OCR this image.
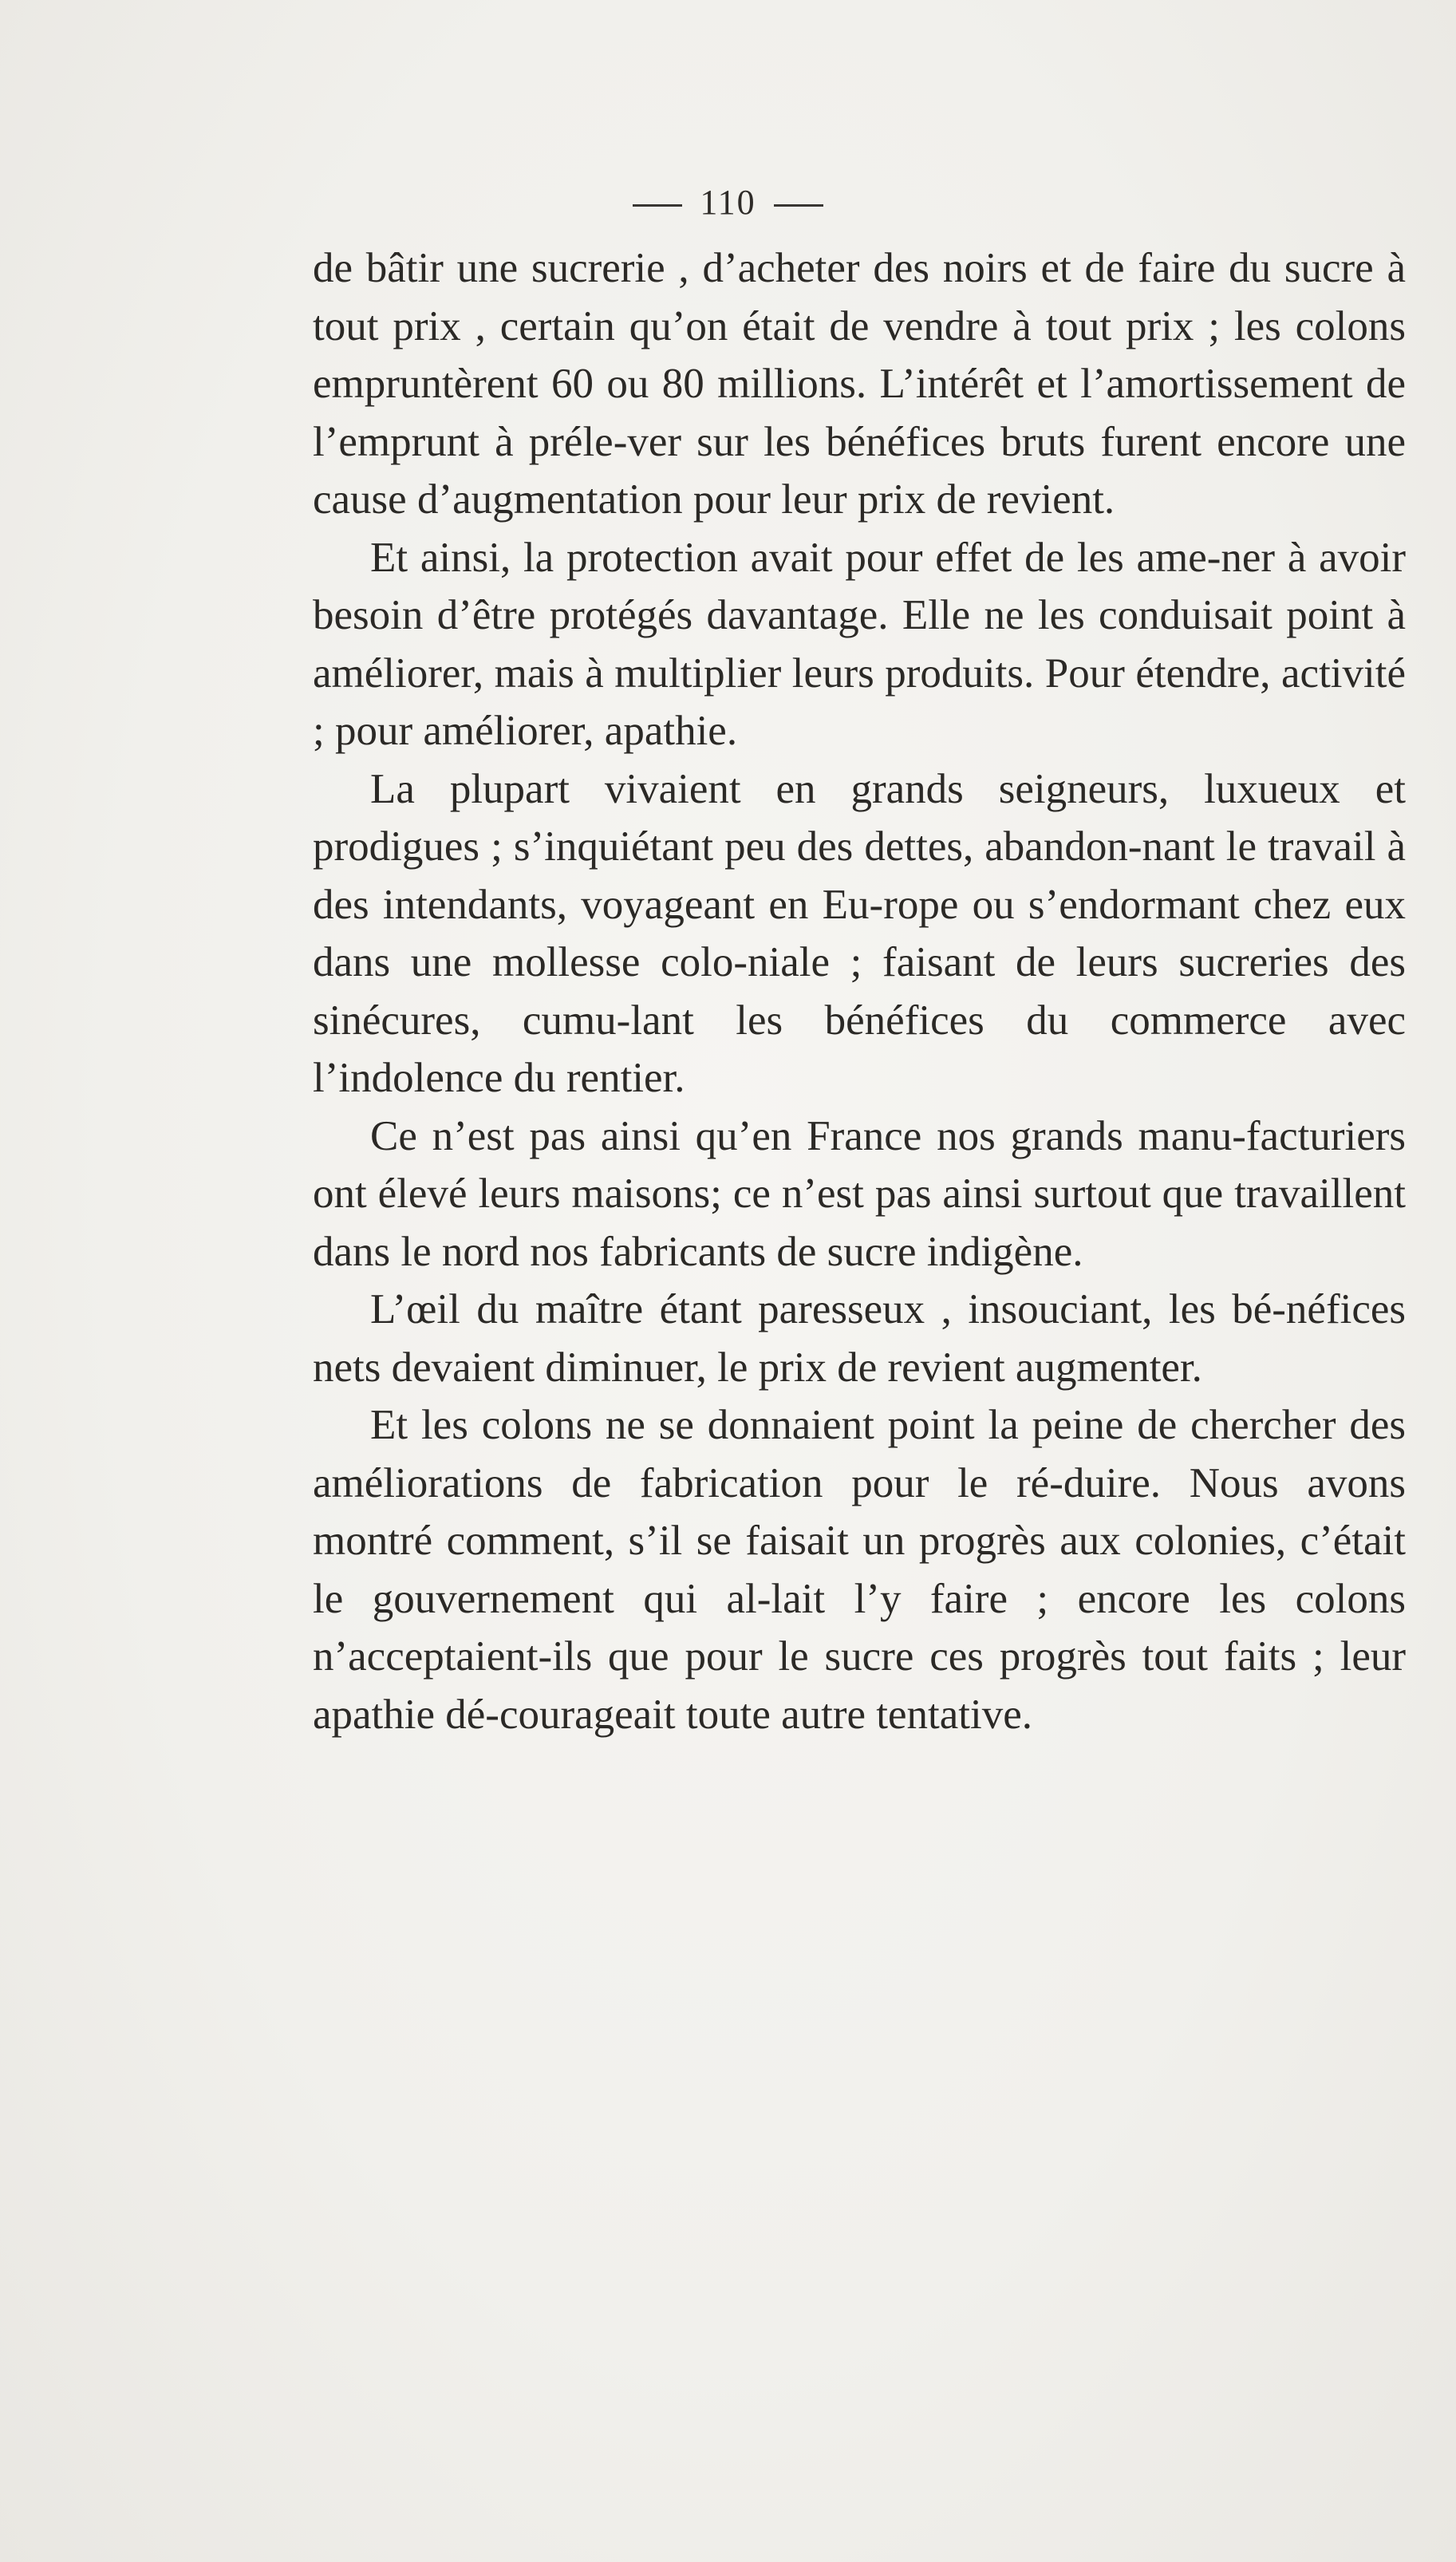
110

de bâtir une sucrerie , d’acheter des noirs et de faire du sucre à tout prix , certain qu’on était de vendre à tout prix ; les colons empruntèrent 60 ou 80 millions. L’intérêt et l’amortissement de l’emprunt à préle-ver sur les bénéfices bruts furent encore une cause d’augmentation pour leur prix de revient.

Et ainsi, la protection avait pour effet de les ame-ner à avoir besoin d’être protégés davantage. Elle ne les conduisait point à améliorer, mais à multiplier leurs produits. Pour étendre, activité ; pour améliorer, apathie.

La plupart vivaient en grands seigneurs, luxueux et prodigues ; s’inquiétant peu des dettes, abandon-nant le travail à des intendants, voyageant en Eu-rope ou s’endormant chez eux dans une mollesse colo-niale ; faisant de leurs sucreries des sinécures, cumu-lant les bénéfices du commerce avec l’indolence du rentier.

Ce n’est pas ainsi qu’en France nos grands manu-facturiers ont élevé leurs maisons; ce n’est pas ainsi surtout que travaillent dans le nord nos fabricants de sucre indigène.

L’œil du maître étant paresseux , insouciant, les bé-néfices nets devaient diminuer, le prix de revient augmenter.

Et les colons ne se donnaient point la peine de chercher des améliorations de fabrication pour le ré-duire. Nous avons montré comment, s’il se faisait un progrès aux colonies, c’était le gouvernement qui al-lait l’y faire ; encore les colons n’acceptaient-ils que pour le sucre ces progrès tout faits ; leur apathie dé-courageait toute autre tentative.
